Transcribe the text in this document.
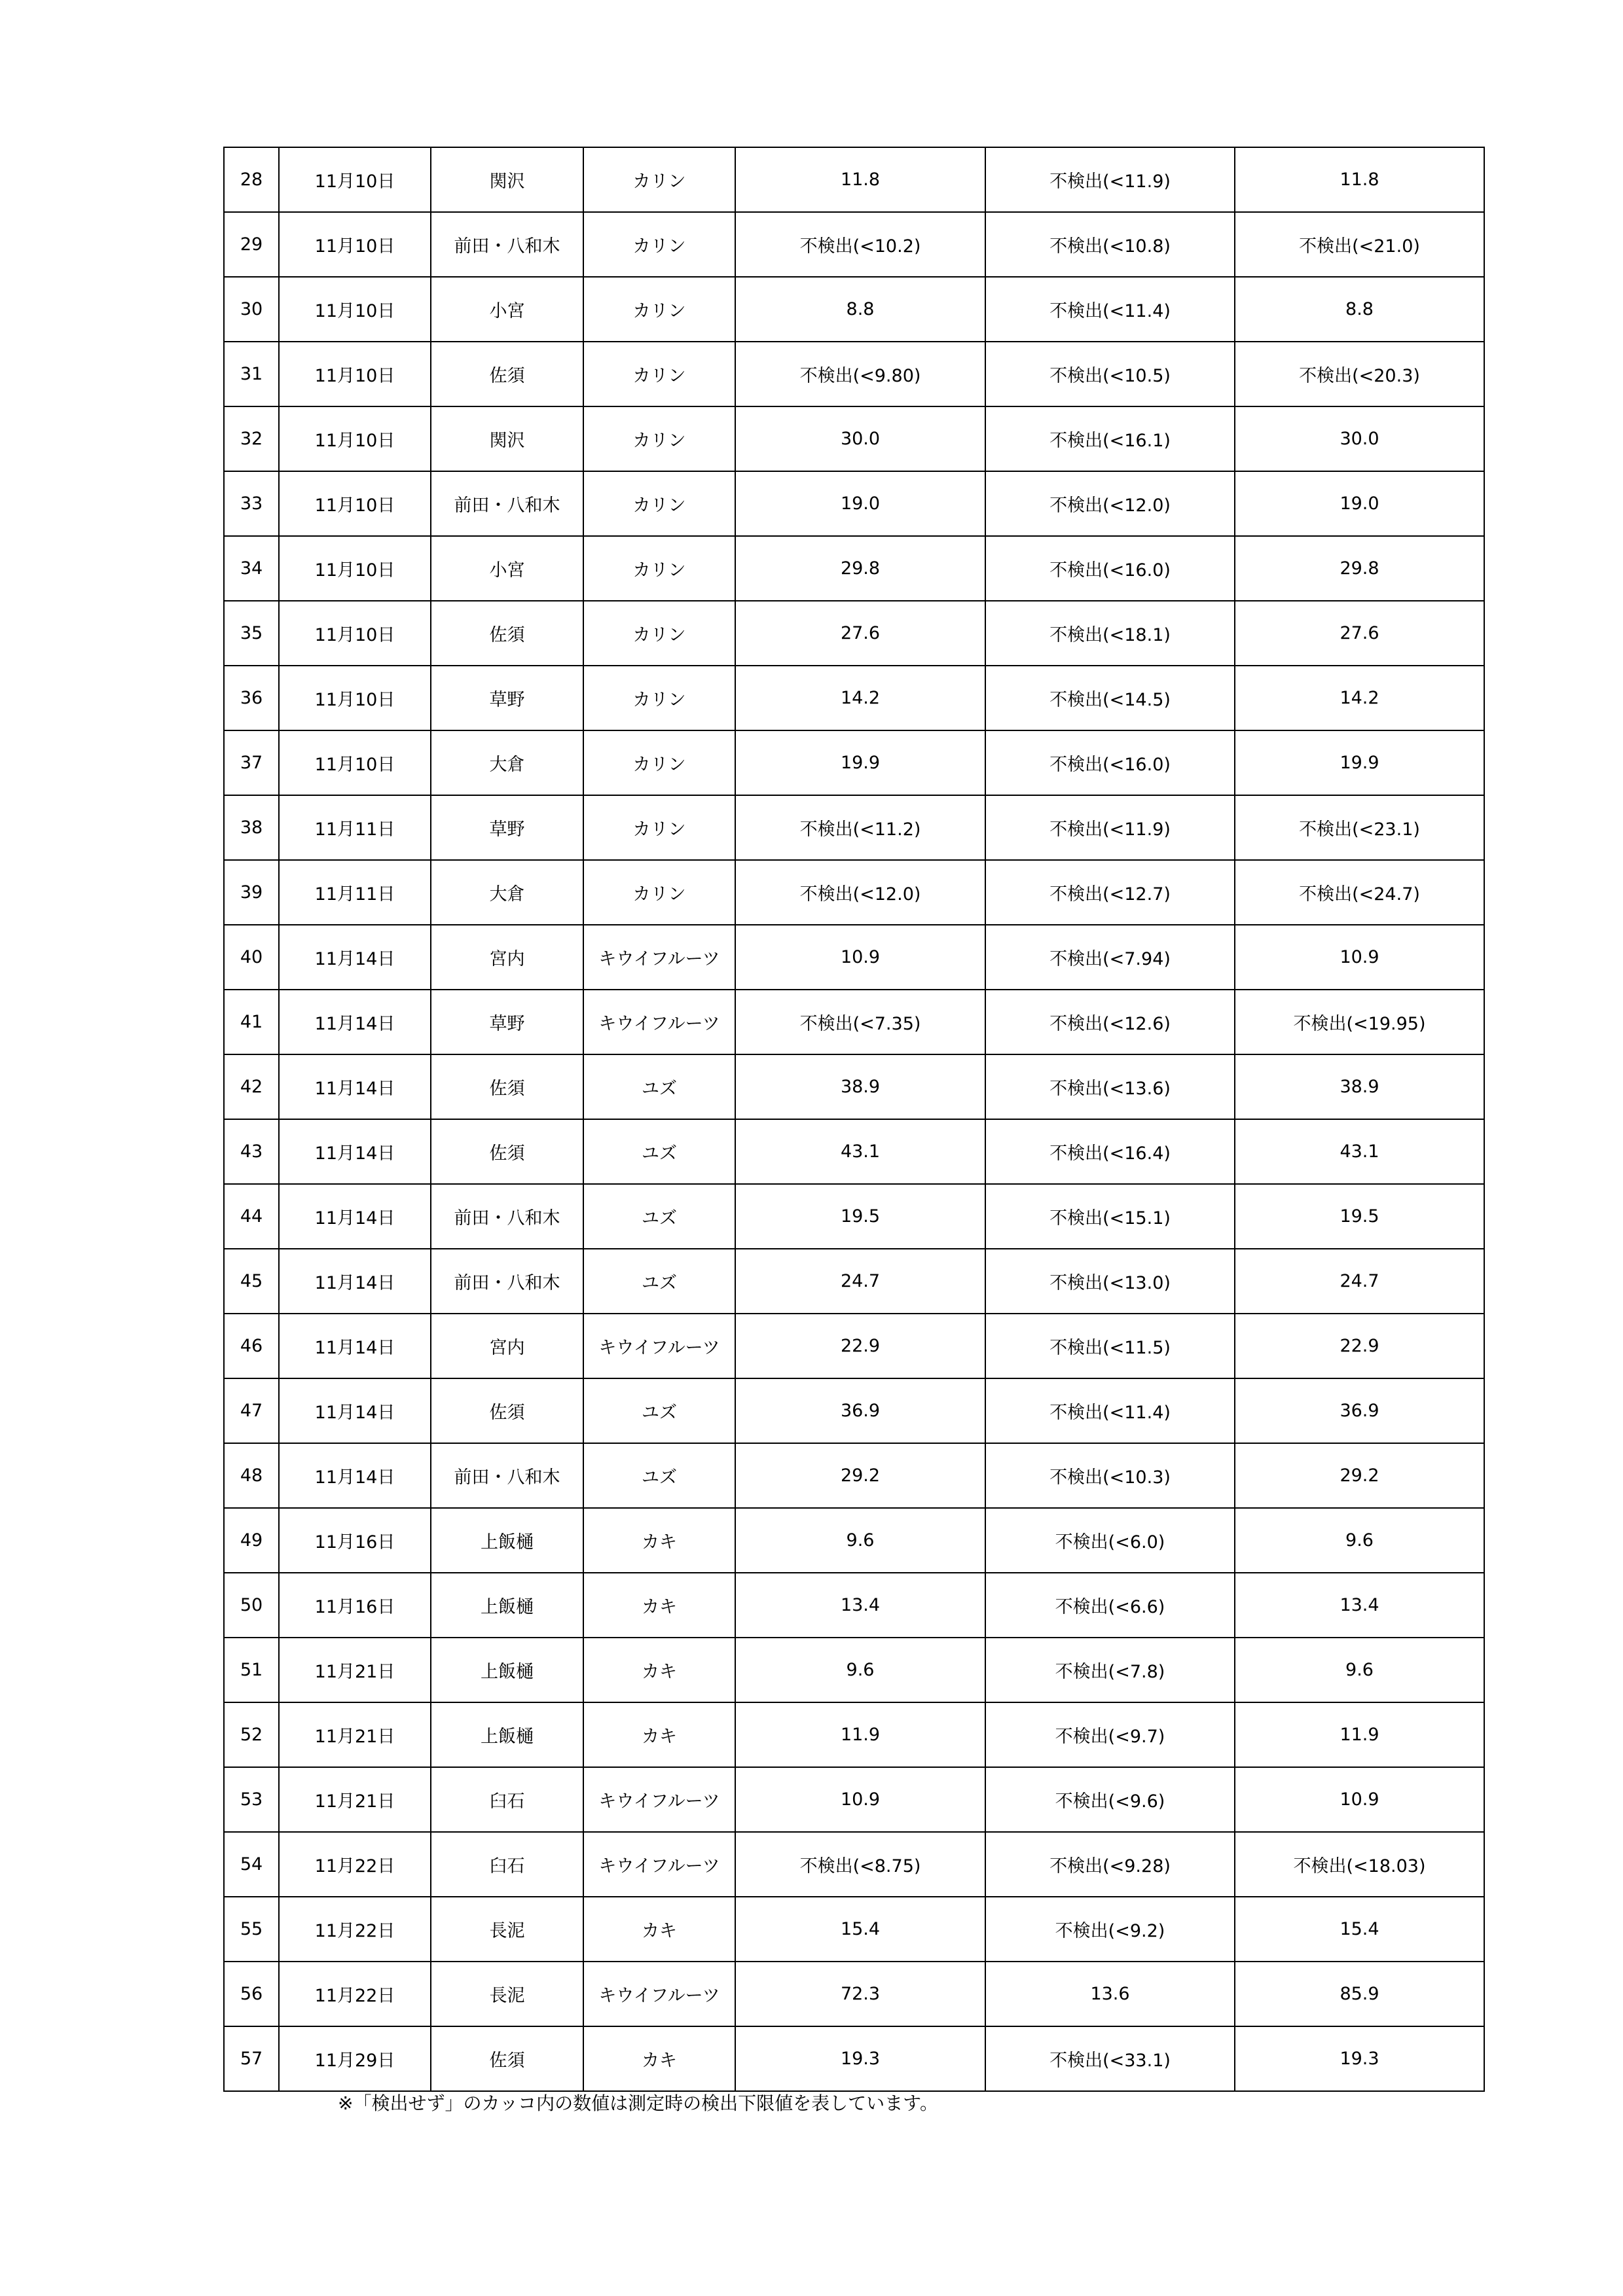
28	11月10日	関沢	カリン	11.8	不検出(<11.9)	11.8
29	11月10日	前田・八和木	カリン	不検出(<10.2)	不検出(<10.8)	不検出(<21.0)
30	11月10日	小宮	カリン	8.8	不検出(<11.4)	8.8
31	11月10日	佐須	カリン	不検出(<9.80)	不検出(<10.5)	不検出(<20.3)
32	11月10日	関沢	カリン	30.0	不検出(<16.1)	30.0
33	11月10日	前田・八和木	カリン	19.0	不検出(<12.0)	19.0
34	11月10日	小宮	カリン	29.8	不検出(<16.0)	29.8
35	11月10日	佐須	カリン	27.6	不検出(<18.1)	27.6
36	11月10日	草野	カリン	14.2	不検出(<14.5)	14.2
37	11月10日	大倉	カリン	19.9	不検出(<16.0)	19.9
38	11月11日	草野	カリン	不検出(<11.2)	不検出(<11.9)	不検出(<23.1)
39	11月11日	大倉	カリン	不検出(<12.0)	不検出(<12.7)	不検出(<24.7)
40	11月14日	宮内	キウイフルーツ	10.9	不検出(<7.94)	10.9
41	11月14日	草野	キウイフルーツ	不検出(<7.35)	不検出(<12.6)	不検出(<19.95)
42	11月14日	佐須	ユズ	38.9	不検出(<13.6)	38.9
43	11月14日	佐須	ユズ	43.1	不検出(<16.4)	43.1
44	11月14日	前田・八和木	ユズ	19.5	不検出(<15.1)	19.5
45	11月14日	前田・八和木	ユズ	24.7	不検出(<13.0)	24.7
46	11月14日	宮内	キウイフルーツ	22.9	不検出(<11.5)	22.9
47	11月14日	佐須	ユズ	36.9	不検出(<11.4)	36.9
48	11月14日	前田・八和木	ユズ	29.2	不検出(<10.3)	29.2
49	11月16日	上飯樋	カキ	9.6	不検出(<6.0)	9.6
50	11月16日	上飯樋	カキ	13.4	不検出(<6.6)	13.4
51	11月21日	上飯樋	カキ	9.6	不検出(<7.8)	9.6
52	11月21日	上飯樋	カキ	11.9	不検出(<9.7)	11.9
53	11月21日	臼石	キウイフルーツ	10.9	不検出(<9.6)	10.9
54	11月22日	臼石	キウイフルーツ	不検出(<8.75)	不検出(<9.28)	不検出(<18.03)
55	11月22日	長泥	カキ	15.4	不検出(<9.2)	15.4
56	11月22日	長泥	キウイフルーツ	72.3	13.6	85.9
57	11月29日	佐須	カキ	19.3	不検出(<33.1)	19.3
※「検出せず」のカッコ内の数値は測定時の検出下限値を表しています。
